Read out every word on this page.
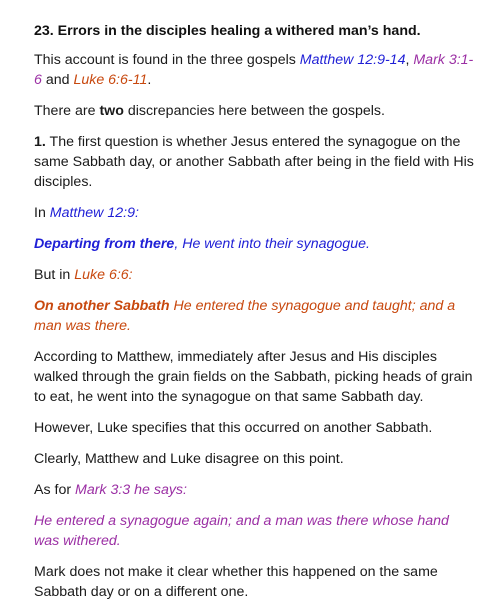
23. Errors in the disciples healing a withered man’s hand.

This account is found in the three gospels Matthew 12:9-14, Mark 3:1-6 and Luke 6:6-11.

There are two discrepancies here between the gospels.

1. The first question is whether Jesus entered the synagogue on the same Sabbath day, or another Sabbath after being in the field with His disciples.

In Matthew 12:9:

Departing from there, He went into their synagogue.

But in Luke 6:6:

On another Sabbath He entered the synagogue and taught; and a man was there.

According to Matthew, immediately after Jesus and His disciples walked through the grain fields on the Sabbath, picking heads of grain to eat, he went into the synagogue on that same Sabbath day.

However, Luke specifies that this occurred on another Sabbath.

Clearly, Matthew and Luke disagree on this point.

As for Mark 3:3 he says:

He entered a synagogue again; and a man was there whose hand was withered.

Mark does not make it clear whether this happened on the same Sabbath day or on a different one.
